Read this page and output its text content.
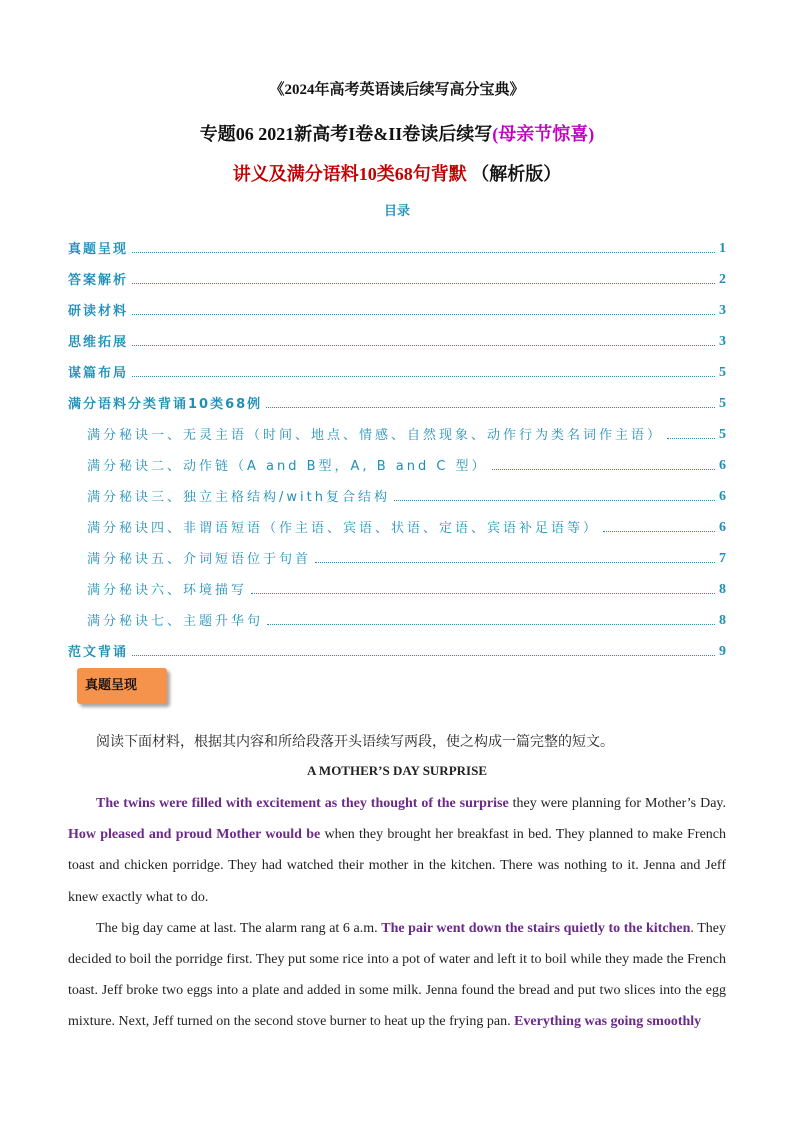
《2024年高考英语读后续写高分宝典》
专题06 2021新高考I卷&II卷读后续写(母亲节惊喜)
讲义及满分语料10类68句背默 （解析版）
目录
真题呈现	1
答案解析	2
研读材料	3
思维拓展	3
谋篇布局	5
满分语料分类背诵10类68例	5
满分秘诀一、无灵主语（时间、地点、情感、自然现象、动作行为类名词作主语）	5
满分秘诀二、动作链（A and B型，A, B and C 型）	6
满分秘诀三、独立主格结构/with复合结构	6
满分秘诀四、非谓语短语（作主语、宾语、状语、定语、宾语补足语等）	6
满分秘诀五、介词短语位于句首	7
满分秘诀六、环境描写	8
满分秘诀七、主题升华句	8
范文背诵	9
真题呈现
阅读下面材料，根据其内容和所给段落开头语续写两段，使之构成一篇完整的短文。
A MOTHER’S DAY SURPRISE

The twins were filled with excitement as they thought of the surprise they were planning for Mother’s Day. How pleased and proud Mother would be when they brought her breakfast in bed. They planned to make French toast and chicken porridge. They had watched their mother in the kitchen. There was nothing to it. Jenna and Jeff knew exactly what to do.

The big day came at last. The alarm rang at 6 a.m. The pair went down the stairs quietly to the kitchen. They decided to boil the porridge first. They put some rice into a pot of water and left it to boil while they made the French toast. Jeff broke two eggs into a plate and added in some milk. Jenna found the bread and put two slices into the egg mixture. Next, Jeff turned on the second stove burner to heat up the frying pan. Everything was going smoothly
